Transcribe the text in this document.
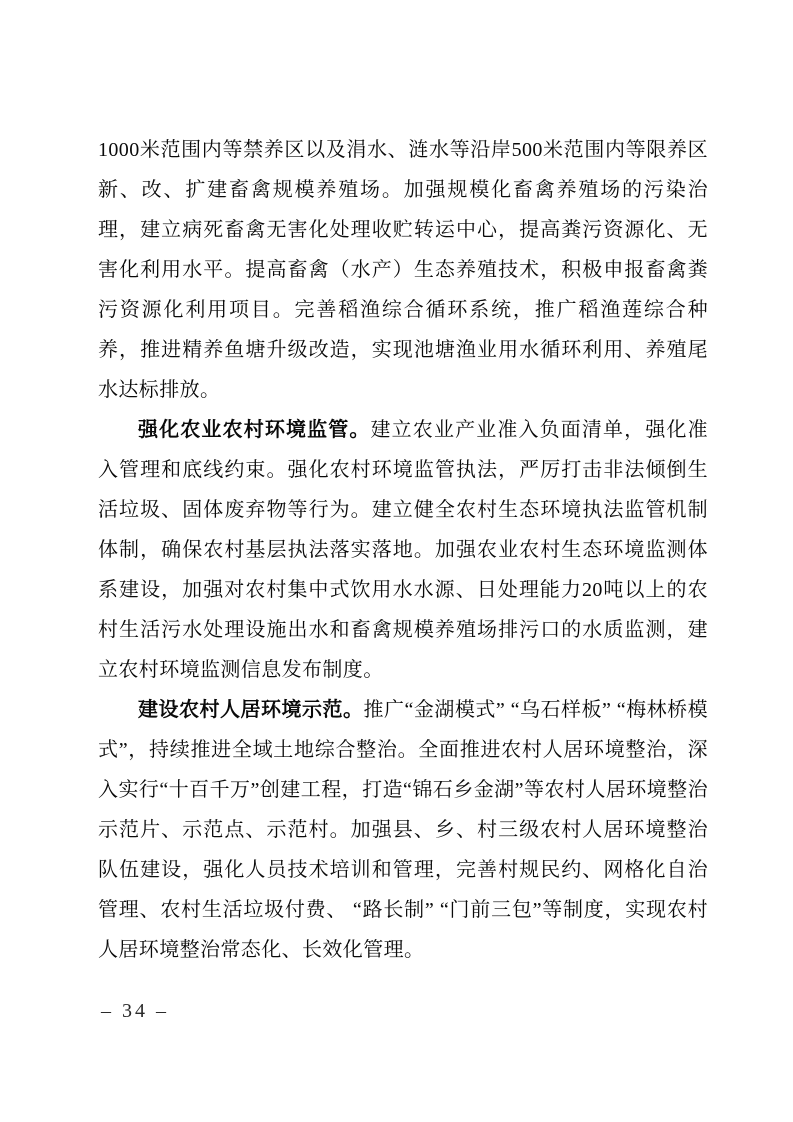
1000米范围内等禁养区以及涓水、涟水等沿岸500米范围内等限养区新、改、扩建畜禽规模养殖场。加强规模化畜禽养殖场的污染治理，建立病死畜禽无害化处理收贮转运中心，提高粪污资源化、无害化利用水平。提高畜禽（水产）生态养殖技术，积极申报畜禽粪污资源化利用项目。完善稻渔综合循环系统，推广稻渔莲综合种养，推进精养鱼塘升级改造，实现池塘渔业用水循环利用、养殖尾水达标排放。

强化农业农村环境监管。建立农业产业准入负面清单，强化准入管理和底线约束。强化农村环境监管执法，严厉打击非法倾倒生活垃圾、固体废弃物等行为。建立健全农村生态环境执法监管机制体制，确保农村基层执法落实落地。加强农业农村生态环境监测体系建设，加强对农村集中式饮用水水源、日处理能力20吨以上的农村生活污水处理设施出水和畜禽规模养殖场排污口的水质监测，建立农村环境监测信息发布制度。

建设农村人居环境示范。推广“金湖模式” “乌石样板” “梅林桥模式”，持续推进全域土地综合整治。全面推进农村人居环境整治，深入实行“十百千万”创建工程，打造“锦石乡金湖”等农村人居环境整治示范片、示范点、示范村。加强县、乡、村三级农村人居环境整治队伍建设，强化人员技术培训和管理，完善村规民约、网格化自治管理、农村生活垃圾付费、 “路长制” “门前三包”等制度，实现农村人居环境整治常态化、长效化管理。

– 34 –
